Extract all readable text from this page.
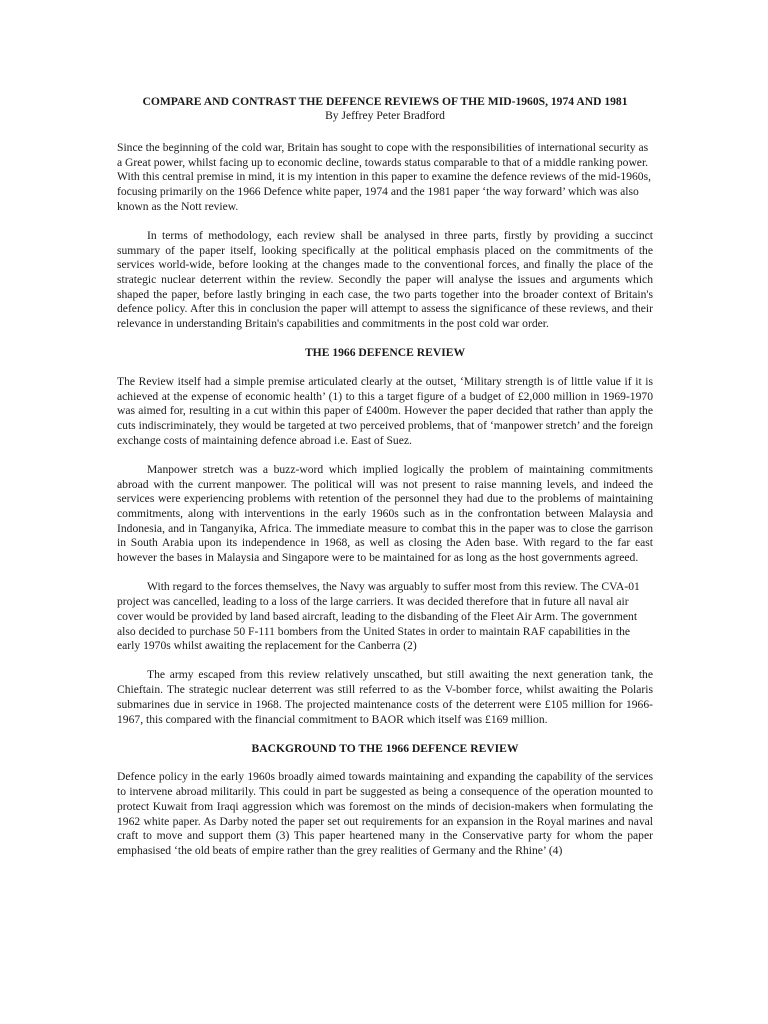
COMPARE AND CONTRAST THE DEFENCE REVIEWS OF THE MID-1960S, 1974 AND 1981

By Jeffrey Peter Bradford

Since the beginning of the cold war, Britain has sought to cope with the responsibilities of international security as a Great power, whilst facing up to economic decline, towards status comparable to that of a middle ranking power. With this central premise in mind, it is my intention in this paper to examine the defence reviews of the mid-1960s, focusing primarily on the 1966 Defence white paper, 1974 and the 1981 paper ‘the way forward’ which was also known as the Nott review.

In terms of methodology, each review shall be analysed in three parts, firstly by providing a succinct summary of the paper itself, looking specifically at the political emphasis placed on the commitments of the services world-wide, before looking at the changes made to the conventional forces, and finally the place of the strategic nuclear deterrent within the review. Secondly the paper will analyse the issues and arguments which shaped the paper, before lastly bringing in each case, the two parts together into the broader context of Britain's defence policy. After this in conclusion the paper will attempt to assess the significance of these reviews, and their relevance in understanding Britain's capabilities and commitments in the post cold war order.

THE 1966 DEFENCE REVIEW

The Review itself had a simple premise articulated clearly at the outset, ‘Military strength is of little value if it is achieved at the expense of economic health’ (1) to this a target figure of a budget of £2,000 million in 1969-1970 was aimed for, resulting in a cut within this paper of £400m. However the paper decided that rather than apply the cuts indiscriminately, they would be targeted at two perceived problems, that of ‘manpower stretch’ and the foreign exchange costs of maintaining defence abroad i.e. East of Suez.

Manpower stretch was a buzz-word which implied logically the problem of maintaining commitments abroad with the current manpower. The political will was not present to raise manning levels, and indeed the services were experiencing problems with retention of the personnel they had due to the problems of maintaining commitments, along with interventions in the early 1960s such as in the confrontation between Malaysia and Indonesia, and in Tanganyika, Africa. The immediate measure to combat this in the paper was to close the garrison in South Arabia upon its independence in 1968, as well as closing the Aden base. With regard to the far east however the bases in Malaysia and Singapore were to be maintained for as long as the host governments agreed.

With regard to the forces themselves, the Navy was arguably to suffer most from this review. The CVA-01 project was cancelled, leading to a loss of the large carriers. It was decided therefore that in future all naval air cover would be provided by land based aircraft, leading to the disbanding of the Fleet Air Arm. The government also decided to purchase 50 F-111 bombers from the United States in order to maintain RAF capabilities in the early 1970s whilst awaiting the replacement for the Canberra (2)

The army escaped from this review relatively unscathed, but still awaiting the next generation tank, the Chieftain. The strategic nuclear deterrent was still referred to as the V-bomber force, whilst awaiting the Polaris submarines due in service in 1968. The projected maintenance costs of the deterrent were £105 million for 1966-1967, this compared with the financial commitment to BAOR which itself was £169 million.

BACKGROUND TO THE 1966 DEFENCE REVIEW

Defence policy in the early 1960s broadly aimed towards maintaining and expanding the capability of the services to intervene abroad militarily. This could in part be suggested as being a consequence of the operation mounted to protect Kuwait from Iraqi aggression which was foremost on the minds of decision-makers when formulating the 1962 white paper. As Darby noted the paper set out requirements for an expansion in the Royal marines and naval craft to move and support them (3) This paper heartened many in the Conservative party for whom the paper emphasised ‘the old beats of empire rather than the grey realities of Germany and the Rhine’ (4)
